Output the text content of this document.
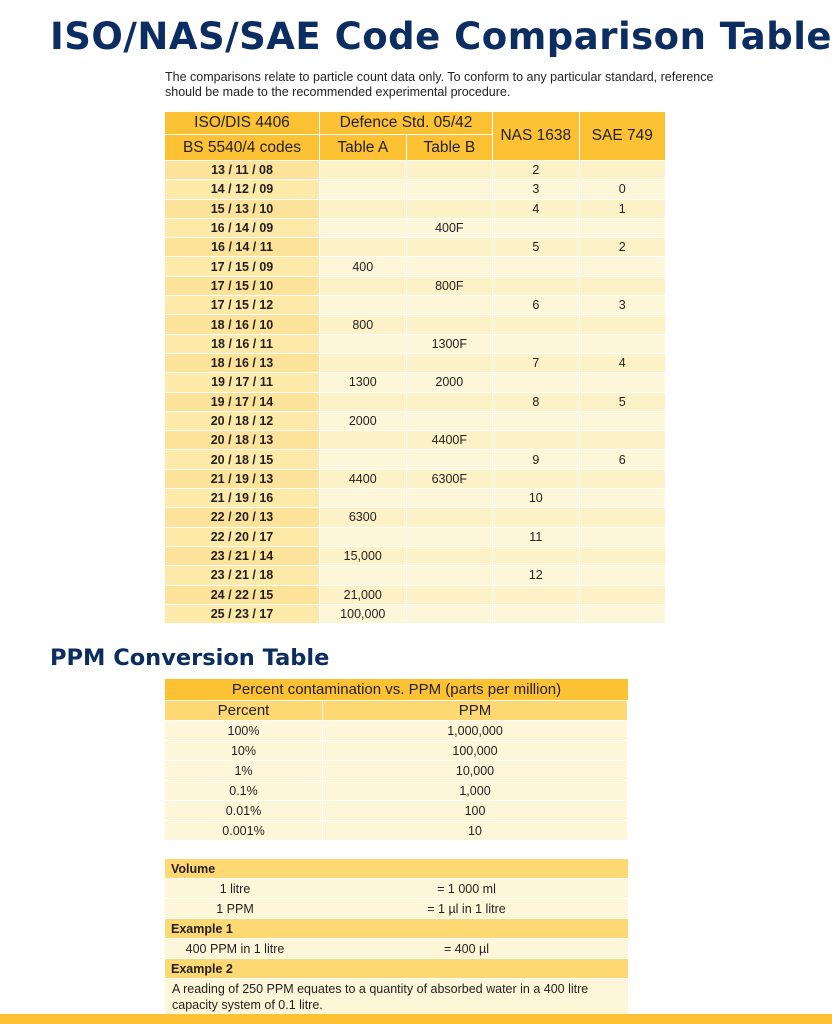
ISO/NAS/SAE Code Comparison Table
The comparisons relate to particle count data only. To conform to any particular standard, reference should be made to the recommended experimental procedure.
ISO/DIS 4406	Defence Std. 05/42		NAS 1638	SAE 749
BS 5540/4 codes	Table A	Table B		
13 / 11 / 08			2	
14 / 12 / 09			3	0
15 / 13 / 10			4	1
16 / 14 / 09		400F		
16 / 14 / 11			5	2
17 / 15 / 09	400			
17 / 15 / 10		800F		
17 / 15 / 12			6	3
18 / 16 / 10	800			
18 / 16 / 11		1300F		
18 / 16 / 13			7	4
19 / 17 / 11	1300	2000		
19 / 17 / 14			8	5
20 / 18 / 12	2000			
20 / 18 / 13		4400F		
20 / 18 / 15			9	6
21 / 19 / 13	4400	6300F		
21 / 19 / 16			10	
22 / 20 / 13	6300			
22 / 20 / 17			11	
23 / 21 / 14	15,000			
23 / 21 / 18			12	
24 / 22 / 15	21,000			
25 / 23 / 17	100,000			
PPM Conversion Table
Percent contamination vs. PPM (parts per million)	
Percent	PPM
100%	1,000,000
10%	100,000
1%	10,000
0.1%	1,000
0.01%	100
0.001%	10
Volume	
1 litre	= 1 000 ml
1 PPM	= 1 µl in 1 litre
Example 1	
400 PPM in 1 litre	= 400 µl
Example 2	
A reading of 250 PPM equates to a quantity of absorbed water in a 400 litre capacity system of 0.1 litre.	
